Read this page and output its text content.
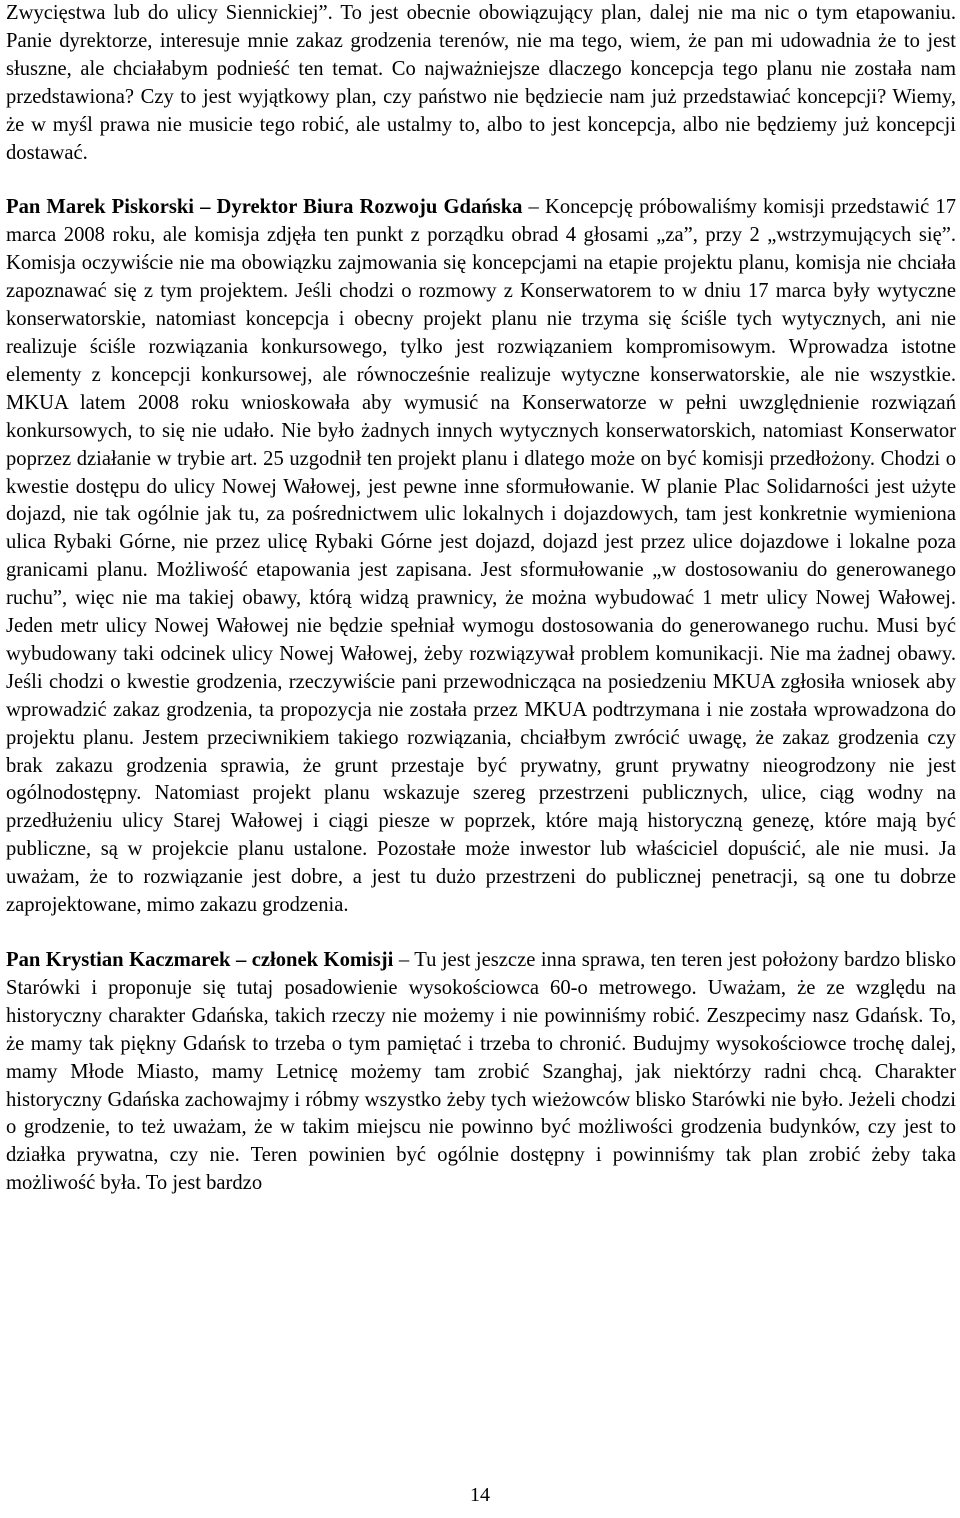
Zwycięstwa lub do ulicy Siennickiej”. To jest obecnie obowiązujący plan, dalej nie ma nic o tym etapowaniu. Panie dyrektorze, interesuje mnie zakaz grodzenia terenów, nie ma tego, wiem, że pan mi udowadnia że to jest słuszne, ale chciałabym podnieść ten temat. Co najważniejsze dlaczego koncepcja tego planu nie została nam przedstawiona? Czy to jest wyjątkowy plan, czy państwo nie będziecie nam już przedstawiać koncepcji? Wiemy, że w myśl prawa nie musicie tego robić, ale ustalmy to, albo to jest koncepcja, albo nie będziemy już koncepcji dostawać.

Pan Marek Piskorski – Dyrektor Biura Rozwoju Gdańska – Koncepcję próbowaliśmy komisji przedstawić 17 marca 2008 roku, ale komisja zdjęła ten punkt z porządku obrad 4 głosami „za”, przy 2 „wstrzymujących się”. Komisja oczywiście nie ma obowiązku zajmowania się koncepcjami na etapie projektu planu, komisja nie chciała zapoznawać się z tym projektem. Jeśli chodzi o rozmowy z Konserwatorem to w dniu 17 marca były wytyczne konserwatorskie, natomiast koncepcja i obecny projekt planu nie trzyma się ściśle tych wytycznych, ani nie realizuje ściśle rozwiązania konkursowego, tylko jest rozwiązaniem kompromisowym. Wprowadza istotne elementy z koncepcji konkursowej, ale równocześnie realizuje wytyczne konserwatorskie, ale nie wszystkie. MKUA latem 2008 roku wnioskowała aby wymusić na Konserwatorze w pełni uwzględnienie rozwiązań konkursowych, to się nie udało. Nie było żadnych innych wytycznych konserwatorskich, natomiast Konserwator poprzez działanie w trybie art. 25 uzgodnił ten projekt planu i dlatego może on być komisji przedłożony. Chodzi o kwestie dostępu do ulicy Nowej Wałowej, jest pewne inne sformułowanie. W planie Plac Solidarności jest użyte dojazd, nie tak ogólnie jak tu, za pośrednictwem ulic lokalnych i dojazdowych, tam jest konkretnie wymieniona ulica Rybaki Górne, nie przez ulicę Rybaki Górne jest dojazd, dojazd jest przez ulice dojazdowe i lokalne poza granicami planu. Możliwość etapowania jest zapisana. Jest sformułowanie „w dostosowaniu do generowanego ruchu”, więc nie ma takiej obawy, którą widzą prawnicy, że można wybudować 1 metr ulicy Nowej Wałowej. Jeden metr ulicy Nowej Wałowej nie będzie spełniał wymogu dostosowania do generowanego ruchu. Musi być wybudowany taki odcinek ulicy Nowej Wałowej, żeby rozwiązywał problem komunikacji. Nie ma żadnej obawy. Jeśli chodzi o kwestie grodzenia, rzeczywiście pani przewodnicząca na posiedzeniu MKUA zgłosiła wniosek aby wprowadzić zakaz grodzenia, ta propozycja nie została przez MKUA podtrzymana i nie została wprowadzona do projektu planu. Jestem przeciwnikiem takiego rozwiązania, chciałbym zwrócić uwagę, że zakaz grodzenia czy brak zakazu grodzenia sprawia, że grunt przestaje być prywatny, grunt prywatny nieogrodzony nie jest ogólnodostępny. Natomiast projekt planu wskazuje szereg przestrzeni publicznych, ulice, ciąg wodny na przedłużeniu ulicy Starej Wałowej i ciągi piesze w poprzek, które mają historyczną genezę, które mają być publiczne, są w projekcie planu ustalone. Pozostałe może inwestor lub właściciel dopuścić, ale nie musi. Ja uważam, że to rozwiązanie jest dobre, a jest tu dużo przestrzeni do publicznej penetracji, są one tu dobrze zaprojektowane, mimo zakazu grodzenia.

Pan Krystian Kaczmarek – członek Komisji – Tu jest jeszcze inna sprawa, ten teren jest położony bardzo blisko Starówki i proponuje się tutaj posadowienie wysokościowca 60-o metrowego. Uważam, że ze względu na historyczny charakter Gdańska, takich rzeczy nie możemy i nie powinniśmy robić. Zeszpecimy nasz Gdańsk. To, że mamy tak piękny Gdańsk to trzeba o tym pamiętać i trzeba to chronić. Budujmy wysokościowce trochę dalej, mamy Młode Miasto, mamy Letnicę możemy tam zrobić Szanghaj, jak niektórzy radni chcą. Charakter historyczny Gdańska zachowajmy i róbmy wszystko żeby tych wieżowców blisko Starówki nie było. Jeżeli chodzi o grodzenie, to też uważam, że w takim miejscu nie powinno być możliwości grodzenia budynków, czy jest to działka prywatna, czy nie. Teren powinien być ogólnie dostępny i powinniśmy tak plan zrobić żeby taka możliwość była. To jest bardzo

14
